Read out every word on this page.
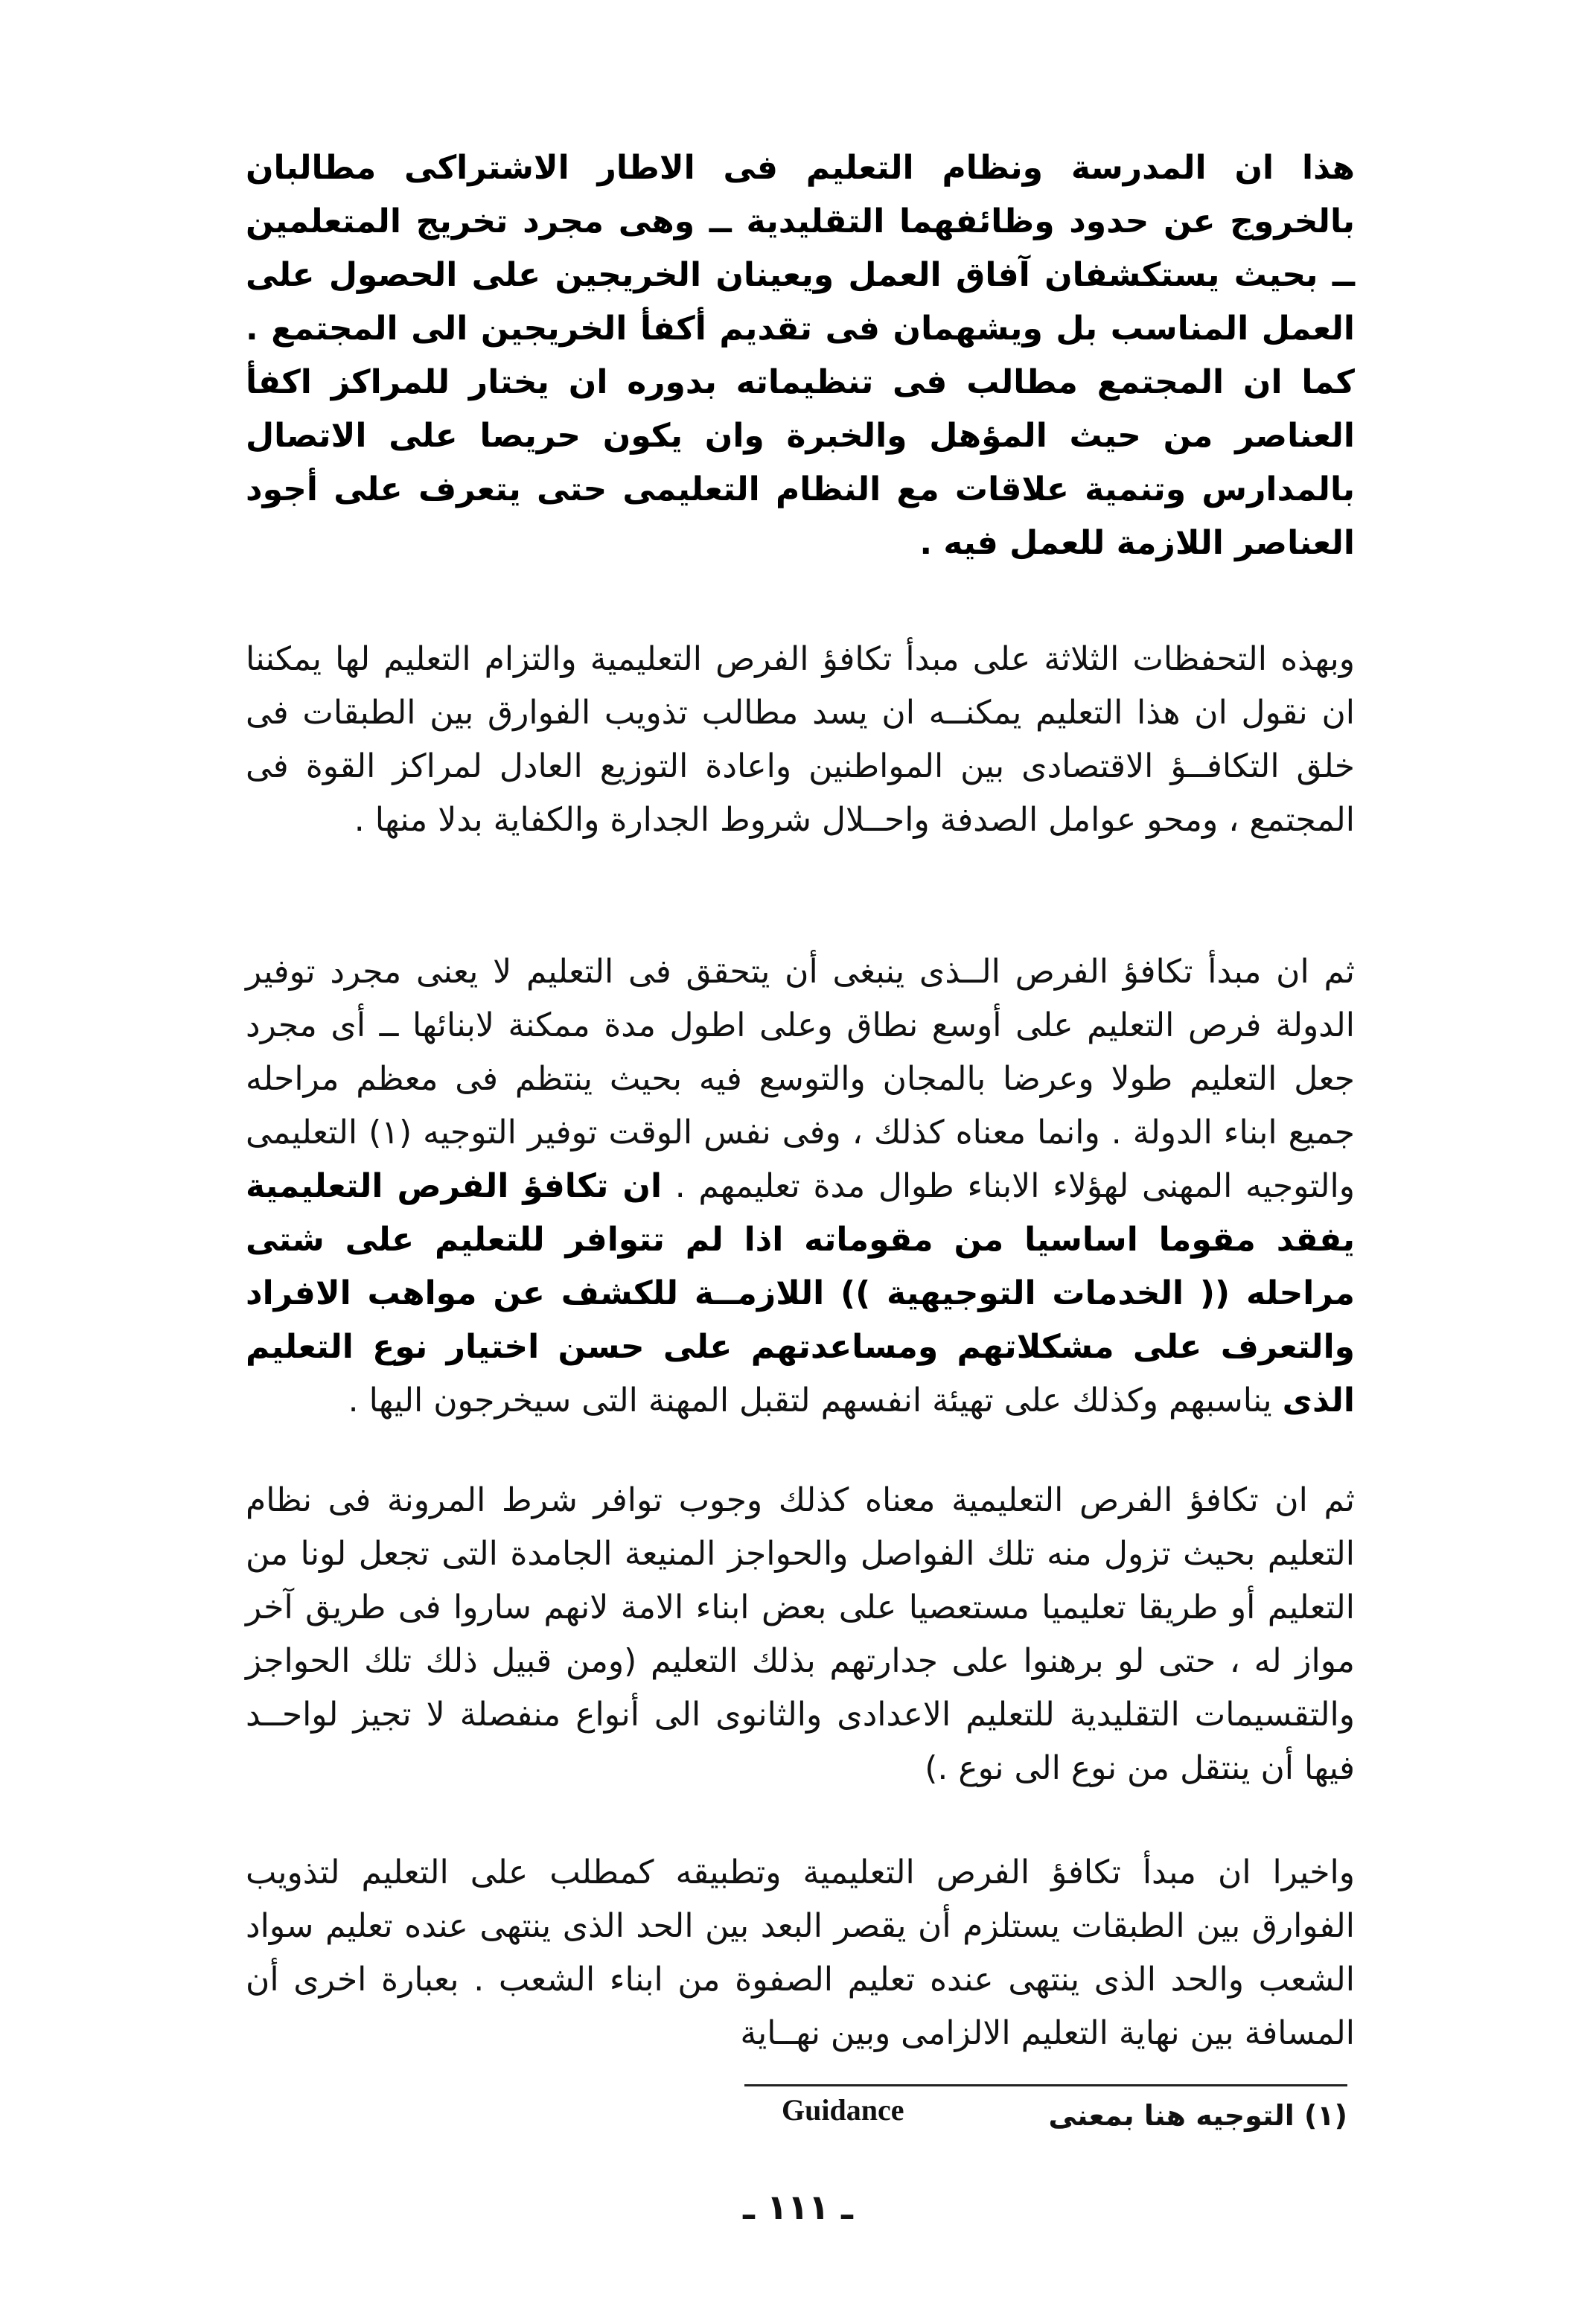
هذا ان المدرسة ونظام التعليم فى الاطار الاشتراكى مطالبان بالخروج عن حدود وظائفهما التقليدية ــ وهى مجرد تخريج المتعلمين ــ بحيث يستكشفان آفاق العمل ويعينان الخريجين على الحصول على العمل المناسب بل ويشهمان فى تقديم أكفأ الخريجين الى المجتمع . كما ان المجتمع مطالب فى تنظيماته بدوره ان يختار للمراكز اكفأ العناصر من حيث المؤهل والخبرة وان يكون حريصا على الاتصال بالمدارس وتنمية علاقات مع النظام التعليمى حتى يتعرف على أجود العناصر اللازمة للعمل فيه .

وبهذه التحفظات الثلاثة على مبدأ تكافؤ الفرص التعليمية والتزام التعليم لها يمكننا ان نقول ان هذا التعليم يمكنــه ان يسد مطالب تذويب الفوارق بين الطبقات فى خلق التكافــؤ الاقتصادى بين المواطنين واعادة التوزيع العادل لمراكز القوة فى المجتمع ، ومحو عوامل الصدفة واحــلال شروط الجدارة والكفاية بدلا منها .

ثم ان مبدأ تكافؤ الفرص الــذى ينبغى أن يتحقق فى التعليم لا يعنى مجرد توفير الدولة فرص التعليم على أوسع نطاق وعلى اطول مدة ممكنة لابنائها ــ أى مجرد جعل التعليم طولا وعرضا بالمجان والتوسع فيه بحيث ينتظم فى معظم مراحله جميع ابناء الدولة . وانما معناه كذلك ، وفى نفس الوقت توفير التوجيه (١) التعليمى والتوجيه المهنى لهؤلاء الابناء طوال مدة تعليمهم . ان تكافؤ الفرص التعليمية يفقد مقوما اساسيا من مقوماته اذا لم تتوافر للتعليم على شتى مراحله (( الخدمات التوجيهية )) اللازمــة للكشف عن مواهب الافراد والتعرف على مشكلاتهم ومساعدتهم على حسن اختيار نوع التعليم الذى يناسبهم وكذلك على تهيئة انفسهم لتقبل المهنة التى سيخرجون اليها .

ثم ان تكافؤ الفرص التعليمية معناه كذلك وجوب توافر شرط المرونة فى نظام التعليم بحيث تزول منه تلك الفواصل والحواجز المنيعة الجامدة التى تجعل لونا من التعليم أو طريقا تعليميا مستعصيا على بعض ابناء الامة لانهم ساروا فى طريق آخر مواز له ، حتى لو برهنوا على جدارتهم بذلك التعليم (ومن قبيل ذلك تلك الحواجز والتقسيمات التقليدية للتعليم الاعدادى والثانوى الى أنواع منفصلة لا تجيز لواحــد فيها أن ينتقل من نوع الى نوع .)

واخيرا ان مبدأ تكافؤ الفرص التعليمية وتطبيقه كمطلب على التعليم لتذويب الفوارق بين الطبقات يستلزم أن يقصر البعد بين الحد الذى ينتهى عنده تعليم سواد الشعب والحد الذى ينتهى عنده تعليم الصفوة من ابناء الشعب . بعبارة اخرى أن المسافة بين نهاية التعليم الالزامى وبين نهــاية

(١) التوجيه هنا بمعنى
Guidance
ـ ١١١ ـ
